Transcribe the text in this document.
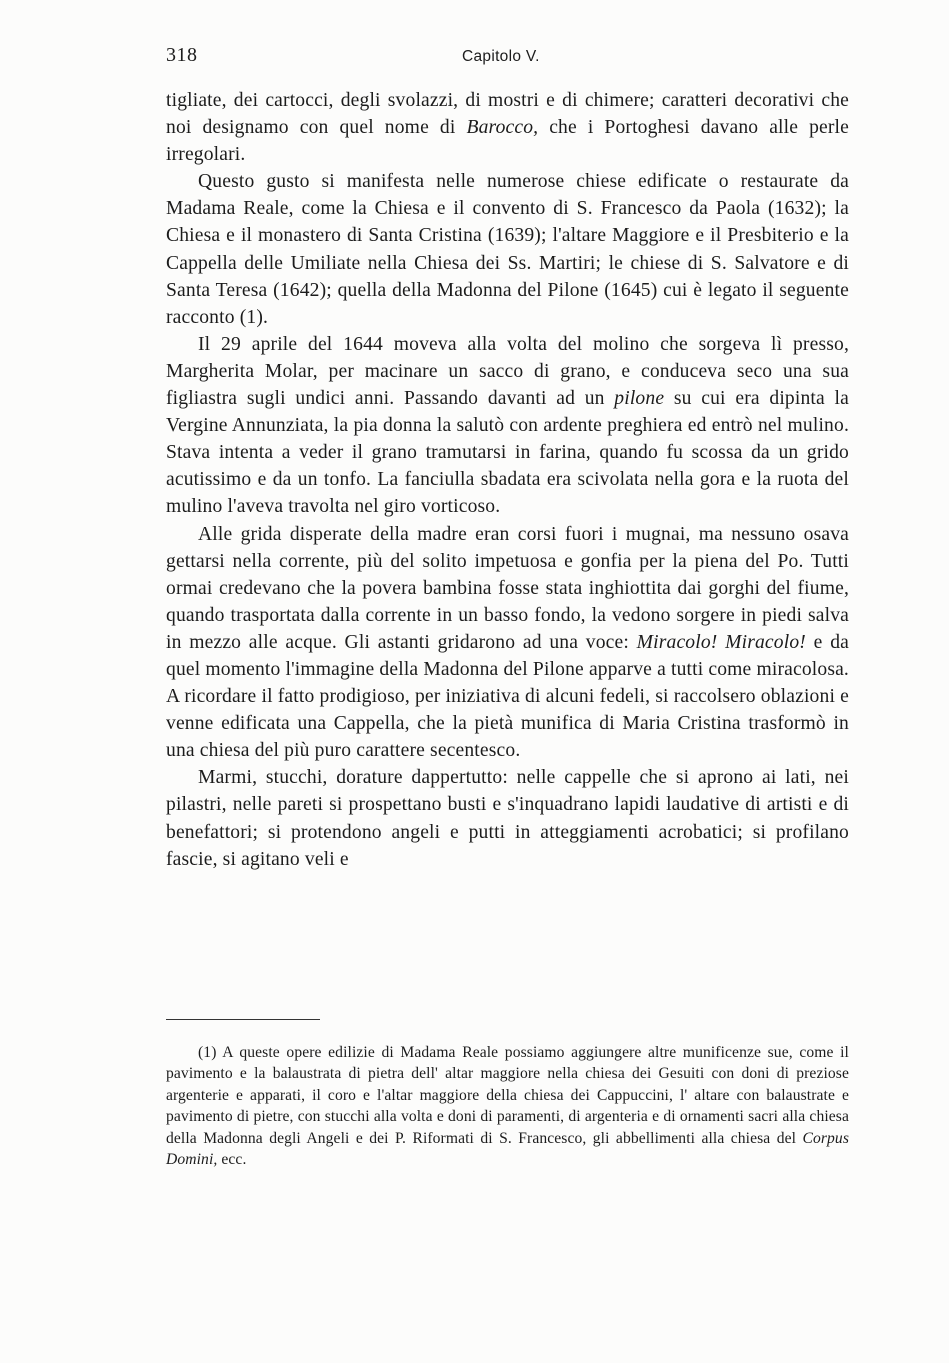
318	Capitolo V.

tigliate, dei cartocci, degli svolazzi, di mostri e di chimere; caratteri decorativi che noi designamo con quel nome di Barocco, che i Portoghesi davano alle perle irregolari.

Questo gusto si manifesta nelle numerose chiese edificate o restaurate da Madama Reale, come la Chiesa e il convento di S. Francesco da Paola (1632); la Chiesa e il monastero di Santa Cristina (1639); l'altare Maggiore e il Presbiterio e la Cappella delle Umiliate nella Chiesa dei Ss. Martiri; le chiese di S. Salvatore e di Santa Teresa (1642); quella della Madonna del Pilone (1645) cui è legato il seguente racconto (1).

Il 29 aprile del 1644 moveva alla volta del molino che sorgeva lì presso, Margherita Molar, per macinare un sacco di grano, e conduceva seco una sua figliastra sugli undici anni. Passando davanti ad un pilone su cui era dipinta la Vergine Annunziata, la pia donna la salutò con ardente preghiera ed entrò nel mulino. Stava intenta a veder il grano tramutarsi in farina, quando fu scossa da un grido acutissimo e da un tonfo. La fanciulla sbadata era scivolata nella gora e la ruota del mulino l'aveva travolta nel giro vorticoso.

Alle grida disperate della madre eran corsi fuori i mugnai, ma nessuno osava gettarsi nella corrente, più del solito impetuosa e gonfia per la piena del Po. Tutti ormai credevano che la povera bambina fosse stata inghiottita dai gorghi del fiume, quando trasportata dalla corrente in un basso fondo, la vedono sorgere in piedi salva in mezzo alle acque. Gli astanti gridarono ad una voce: Miracolo! Miracolo! e da quel momento l'immagine della Madonna del Pilone apparve a tutti come miracolosa. A ricordare il fatto prodigioso, per iniziativa di alcuni fedeli, si raccolsero oblazioni e venne edificata una Cappella, che la pietà munifica di Maria Cristina trasformò in una chiesa del più puro carattere secentesco.

Marmi, stucchi, dorature dappertutto: nelle cappelle che si aprono ai lati, nei pilastri, nelle pareti si prospettano busti e s'inquadrano lapidi laudative di artisti e di benefattori; si protendono angeli e putti in atteggiamenti acrobatici; si profilano fascie, si agitano veli e

(1) A queste opere edilizie di Madama Reale possiamo aggiungere altre munificenze sue, come il pavimento e la balaustrata di pietra dell' altar maggiore nella chiesa dei Gesuiti con doni di preziose argenterie e apparati, il coro e l'altar maggiore della chiesa dei Cappuccini, l' altare con balaustrate e pavimento di pietre, con stucchi alla volta e doni di paramenti, di argenteria e di ornamenti sacri alla chiesa della Madonna degli Angeli e dei P. Riformati di S. Francesco, gli abbellimenti alla chiesa del Corpus Domini, ecc.
